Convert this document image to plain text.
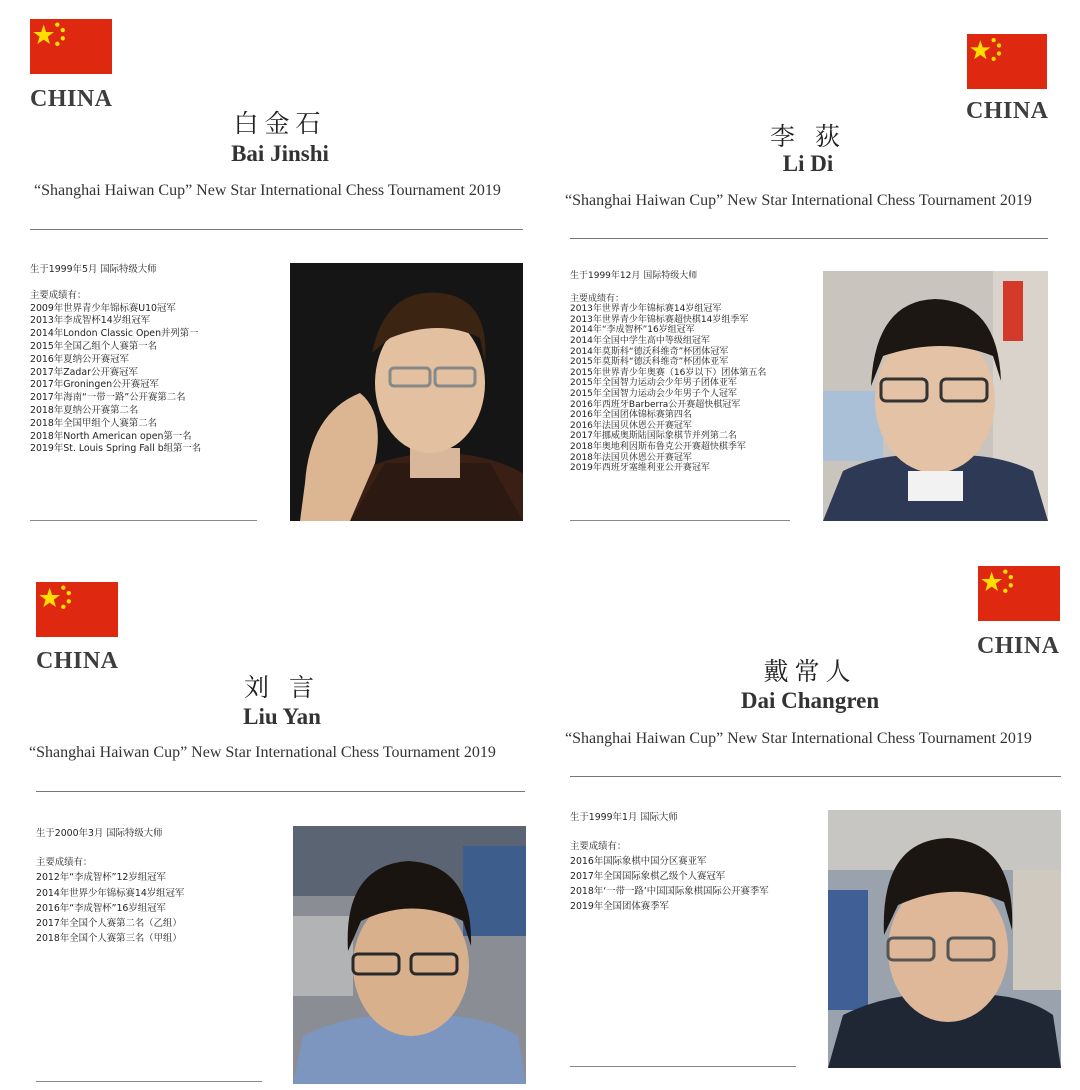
CHINA
白金石
Bai Jinshi
“Shanghai Haiwan Cup” New Star International Chess Tournament 2019
生于1999年5月 国际特级大师
主要成绩有：
2009年世界青少年锦标赛U10冠军
2013年李成智杯14岁组冠军
2014年London Classic Open并列第一
2015年全国乙组个人赛第一名
2016年夏纳公开赛冠军
2017年Zadar公开赛冠军
2017年Groningen公开赛冠军
2017年海南“一带一路”公开赛第二名
2018年夏纳公开赛第二名
2018年全国甲组个人赛第二名
2018年North American open第一名
2019年St. Louis Spring Fall b组第一名
CHINA
李 荻
Li Di
“Shanghai Haiwan Cup” New Star International Chess Tournament 2019
生于1999年12月 国际特级大师
主要成绩有：
2013年世界青少年锦标赛14岁组冠军
2013年世界青少年锦标赛超快棋14岁组季军
2014年“李成智杯”16岁组冠军
2014年全国中学生高中等级组冠军
2014年莫斯科“德沃科维奇”杯团体冠军
2015年莫斯科“德沃科维奇”杯团体亚军
2015年世界青少年奥赛（16岁以下）团体第五名
2015年全国智力运动会少年男子团体亚军
2015年全国智力运动会少年男子个人冠军
2016年西班牙Barberra公开赛超快棋冠军
2016年全国团体锦标赛第四名
2016年法国贝休恩公开赛冠军
2017年挪威奥斯陆国际象棋节并列第二名
2018年奥地利因斯布鲁克公开赛超快棋季军
2018年法国贝休恩公开赛冠军
2019年西班牙塞维利亚公开赛冠军
CHINA
刘 言
Liu Yan
“Shanghai Haiwan Cup” New Star International Chess Tournament 2019
生于2000年3月 国际特级大师
主要成绩有：
2012年“李成智杯”12岁组冠军
2014年世界少年锦标赛14岁组冠军
2016年“李成智杯”16岁组冠军
2017年全国个人赛第二名（乙组）
2018年全国个人赛第三名（甲组）
CHINA
戴常人
Dai Changren
“Shanghai Haiwan Cup” New Star International Chess Tournament 2019
生于1999年1月 国际大师
主要成绩有：
2016年国际象棋中国分区赛亚军
2017年全国国际象棋乙级个人赛冠军
2018年‘一带一路’中国国际象棋国际公开赛季军
2019年全国团体赛季军
